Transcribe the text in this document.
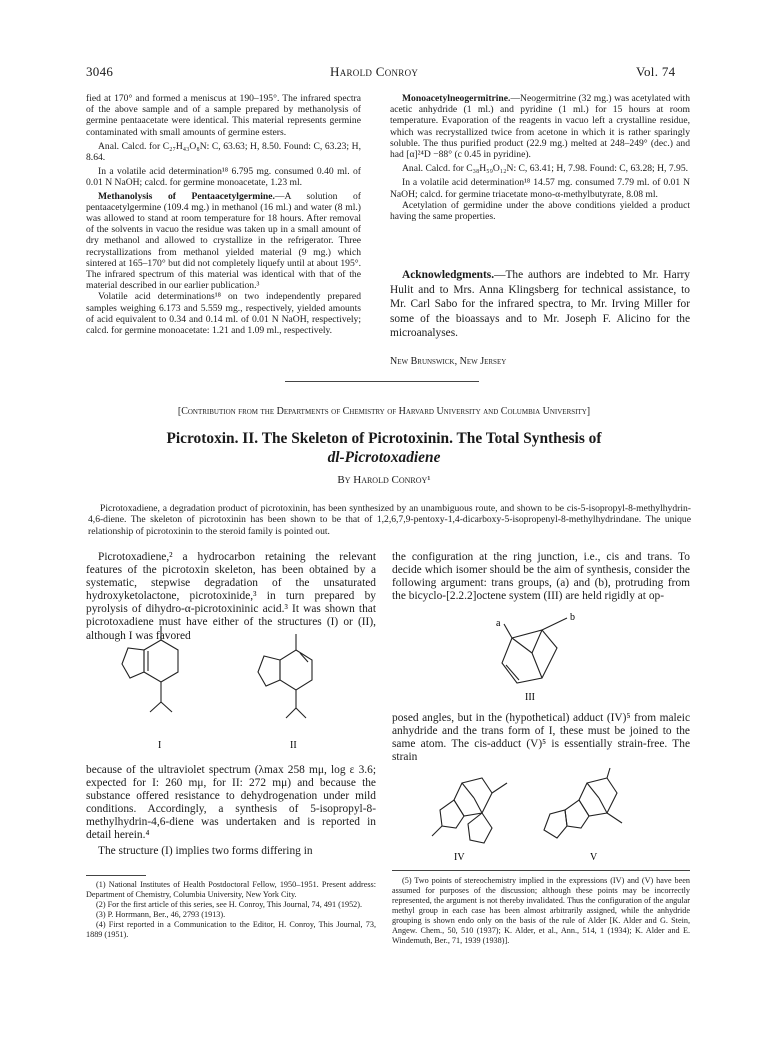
3046	Harold Conroy	Vol. 74

fied at 170° and formed a meniscus at 190–195°. The infrared spectra of the above sample and of a sample prepared by methanolysis of germine pentaacetate were identical. This material represents germine contaminated with small amounts of germine esters.

Anal. Calcd. for C₂₇H₄₃O₈N: C, 63.63; H, 8.50. Found: C, 63.23; H, 8.64.

In a volatile acid determination¹⁸ 6.795 mg. consumed 0.40 ml. of 0.01 N NaOH; calcd. for germine monoacetate, 1.23 ml.

Methanolysis of Pentaacetylgermine.—A solution of pentaacetylgermine (109.4 mg.) in methanol (16 ml.) and water (8 ml.) was allowed to stand at room temperature for 18 hours. After removal of the solvents in vacuo the residue was taken up in a small amount of dry methanol and allowed to crystallize in the refrigerator. Three recrystallizations from methanol yielded material (9 mg.) which sintered at 165–170° but did not completely liquefy until at about 195°. The infrared spectrum of this material was identical with that of the material described in our earlier publication.³

Volatile acid determinations¹⁸ on two independently prepared samples weighing 6.173 and 5.559 mg., respectively, yielded amounts of acid equivalent to 0.34 and 0.14 ml. of 0.01 N NaOH, respectively; calcd. for germine monoacetate: 1.21 and 1.09 ml., respectively.

Monoacetylneogermitrine.—Neogermitrine (32 mg.) was acetylated with acetic anhydride (1 ml.) and pyridine (1 ml.) for 15 hours at room temperature. Evaporation of the reagents in vacuo left a crystalline residue, which was recrystallized twice from acetone in which it is rather sparingly soluble. The thus purified product (22.9 mg.) melted at 248–249° (dec.) and had [α]²⁴D −88° (c 0.45 in pyridine).

Anal. Calcd. for C₃₈H₅₉O₁₂N: C, 63.41; H, 7.98. Found: C, 63.28; H, 7.95.

In a volatile acid determination¹⁸ 14.57 mg. consumed 7.79 ml. of 0.01 N NaOH; calcd. for germine triacetate mono-α-methylbutyrate, 8.08 ml.

Acetylation of germidine under the above conditions yielded a product having the same properties.

Acknowledgments.—The authors are indebted to Mr. Harry Hulit and to Mrs. Anna Klingsberg for technical assistance, to Mr. Carl Sabo for the infrared spectra, to Mr. Irving Miller for some of the bioassays and to Mr. Joseph F. Alicino for the microanalyses.

New Brunswick, New Jersey
[Contribution from the Departments of Chemistry of Harvard University and Columbia University]
Picrotoxin. II. The Skeleton of Picrotoxinin. The Total Synthesis of
dl-Picrotoxadiene
By Harold Conroy¹

Picrotoxadiene, a degradation product of picrotoxinin, has been synthesized by an unambiguous route, and shown to be cis-5-isopropyl-8-methylhydrin-4,6-diene. The skeleton of picrotoxinin has been shown to be that of 1,2,6,7,9-pentoxy-1,4-dicarboxy-5-isopropenyl-8-methylhydrindane. The unique relationship of picrotoxinin to the steroid family is pointed out.

Picrotoxadiene,² a hydrocarbon retaining the relevant features of the picrotoxin skeleton, has been obtained by a systematic, stepwise degradation of the unsaturated hydroxyketolactone, picrotoxinide,³ in turn prepared by pyrolysis of dihydro-α-picrotoxininic acid.³ It was shown that picrotoxadiene must have either of the structures (I) or (II), although I was favored

I	II

because of the ultraviolet spectrum (λmax 258 mμ, log ε 3.6; expected for I: 260 mμ, for II: 272 mμ) and because the substance offered resistance to dehydrogenation under mild conditions. Accordingly, a synthesis of 5-isopropyl-8-methylhydrin-4,6-diene was undertaken and is reported in detail herein.⁴

The structure (I) implies two forms differing in

(1) National Institutes of Health Postdoctoral Fellow, 1950–1951. Present address: Department of Chemistry, Columbia University, New York City.

(2) For the first article of this series, see H. Conroy, This Journal, 74, 491 (1952).

(3) P. Horrmann, Ber., 46, 2793 (1913).

(4) First reported in a Communication to the Editor, H. Conroy, This Journal, 73, 1889 (1951).

the configuration at the ring junction, i.e., cis and trans. To decide which isomer should be the aim of synthesis, consider the following argument: trans groups, (a) and (b), protruding from the bicyclo-[2.2.2]octene system (III) are held rigidly at op-

b
a
III

posed angles, but in the (hypothetical) adduct (IV)⁵ from maleic anhydride and the trans form of I, these must be joined to the same atom. The cis-adduct (V)⁵ is essentially strain-free. The strain

IV	V

(5) Two points of stereochemistry implied in the expressions (IV) and (V) have been assumed for purposes of the discussion; although these points may be incorrectly represented, the argument is not thereby invalidated. Thus the configuration of the angular methyl group in each case has been almost arbitrarily assigned, while the anhydride grouping is shown endo only on the basis of the rule of Alder [K. Alder and G. Stein, Angew. Chem., 50, 510 (1937); K. Alder, et al., Ann., 514, 1 (1934); K. Alder and E. Windemuth, Ber., 71, 1939 (1938)].
